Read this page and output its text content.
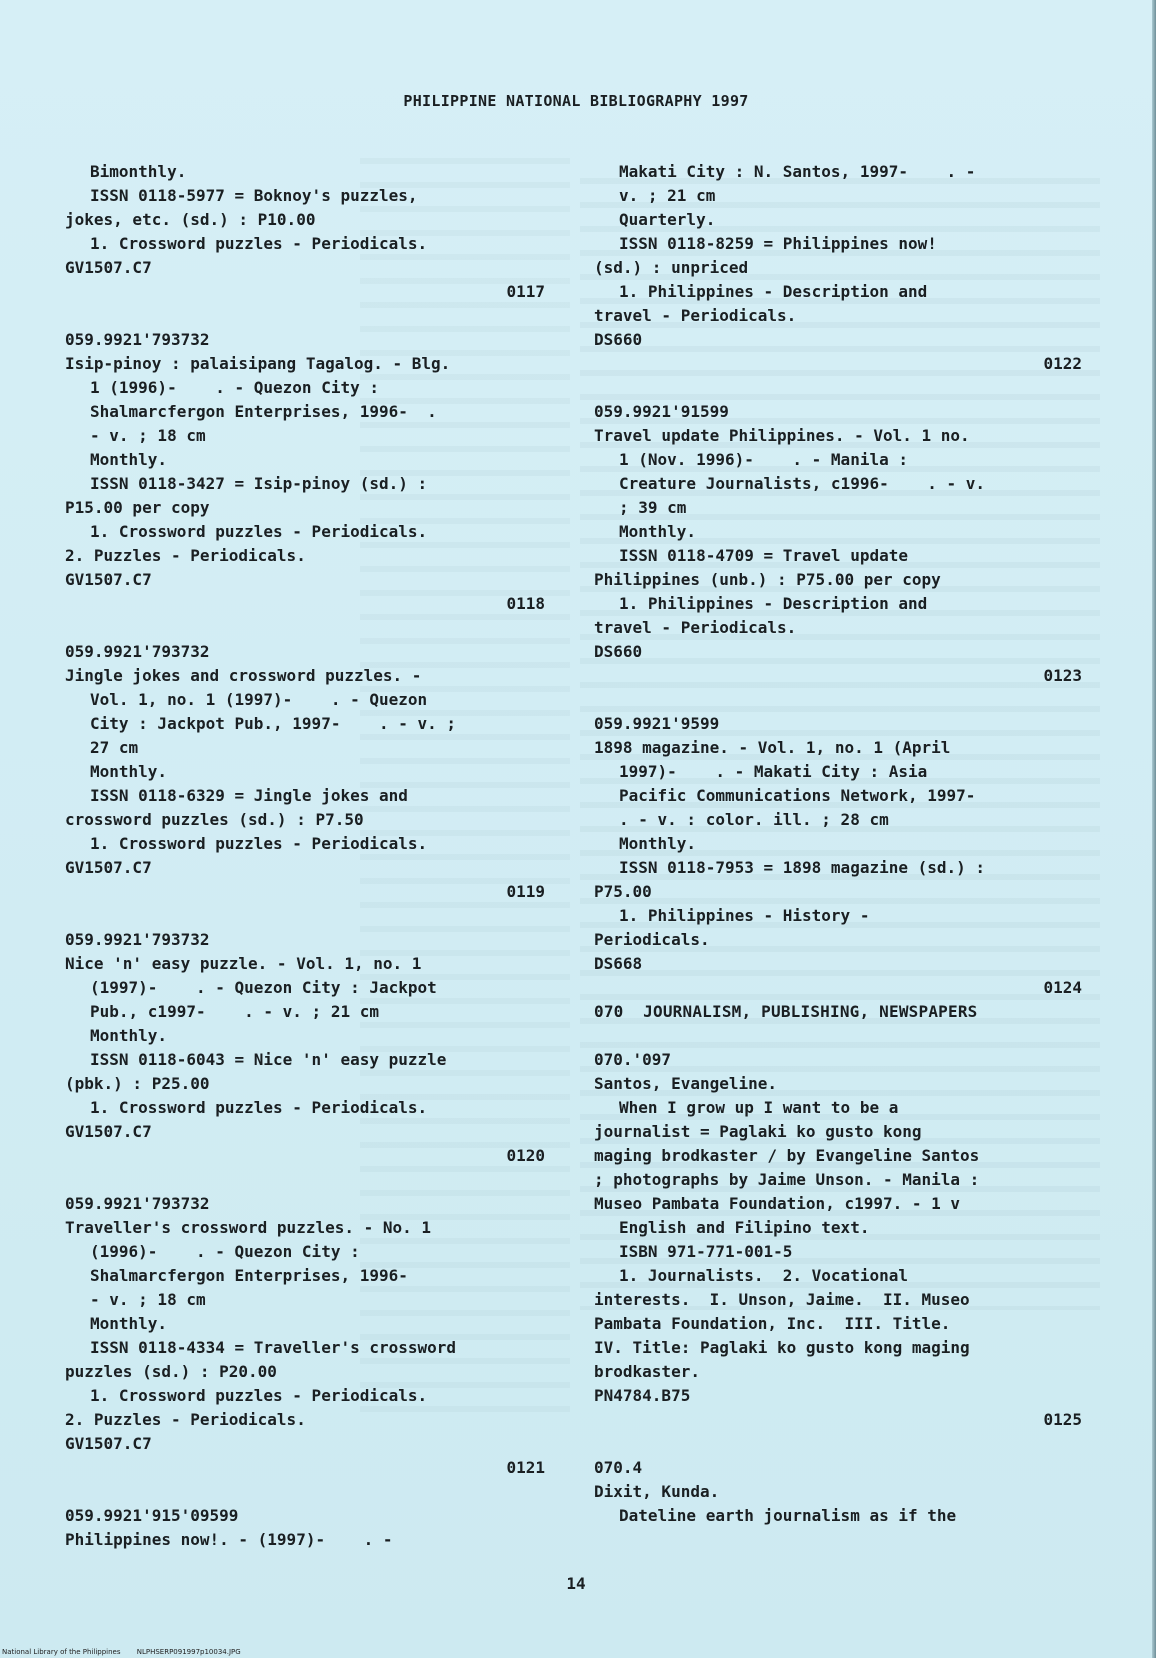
PHILIPPINE NATIONAL BIBLIOGRAPHY 1997
Bimonthly.
ISSN 0118-5977 = Boknoy's puzzles,
jokes, etc. (sd.) : P10.00
1. Crossword puzzles - Periodicals.
GV1507.C7
0117
059.9921'793732
Isip-pinoy : palaisipang Tagalog. - Blg.
1 (1996)-    . - Quezon City :
Shalmarcfergon Enterprises, 1996-  .
- v. ; 18 cm
Monthly.
ISSN 0118-3427 = Isip-pinoy (sd.) :
P15.00 per copy
1. Crossword puzzles - Periodicals.
2. Puzzles - Periodicals.
GV1507.C7
0118
059.9921'793732
Jingle jokes and crossword puzzles. -
Vol. 1, no. 1 (1997)-    . - Quezon
City : Jackpot Pub., 1997-    . - v. ;
27 cm
Monthly.
ISSN 0118-6329 = Jingle jokes and
crossword puzzles (sd.) : P7.50
1. Crossword puzzles - Periodicals.
GV1507.C7
0119
059.9921'793732
Nice 'n' easy puzzle. - Vol. 1, no. 1
(1997)-    . - Quezon City : Jackpot
Pub., c1997-    . - v. ; 21 cm
Monthly.
ISSN 0118-6043 = Nice 'n' easy puzzle
(pbk.) : P25.00
1. Crossword puzzles - Periodicals.
GV1507.C7
0120
059.9921'793732
Traveller's crossword puzzles. - No. 1
(1996)-    . - Quezon City :
Shalmarcfergon Enterprises, 1996-
- v. ; 18 cm
Monthly.
ISSN 0118-4334 = Traveller's crossword
puzzles (sd.) : P20.00
1. Crossword puzzles - Periodicals.
2. Puzzles - Periodicals.
GV1507.C7
0121
059.9921'915'09599
Philippines now!. - (1997)-    . -
Makati City : N. Santos, 1997-    . -
v. ; 21 cm
Quarterly.
ISSN 0118-8259 = Philippines now!
(sd.) : unpriced
1. Philippines - Description and
travel - Periodicals.
DS660
0122
059.9921'91599
Travel update Philippines. - Vol. 1 no.
1 (Nov. 1996)-    . - Manila :
Creature Journalists, c1996-    . - v.
; 39 cm
Monthly.
ISSN 0118-4709 = Travel update
Philippines (unb.) : P75.00 per copy
1. Philippines - Description and
travel - Periodicals.
DS660
0123
059.9921'9599
1898 magazine. - Vol. 1, no. 1 (April
1997)-    . - Makati City : Asia
Pacific Communications Network, 1997-
. - v. : color. ill. ; 28 cm
Monthly.
ISSN 0118-7953 = 1898 magazine (sd.) :
P75.00
1. Philippines - History -
Periodicals.
DS668
0124
070  JOURNALISM, PUBLISHING, NEWSPAPERS
070.'097
Santos, Evangeline.
When I grow up I want to be a
journalist = Paglaki ko gusto kong
maging brodkaster / by Evangeline Santos
; photographs by Jaime Unson. - Manila :
Museo Pambata Foundation, c1997. - 1 v
English and Filipino text.
ISBN 971-771-001-5
1. Journalists.  2. Vocational
interests.  I. Unson, Jaime.  II. Museo
Pambata Foundation, Inc.  III. Title.
IV. Title: Paglaki ko gusto kong maging
brodkaster.
PN4784.B75
0125
070.4
Dixit, Kunda.
Dateline earth journalism as if the
14
National Library of the Philippines NLPHSERP091997p10034.JPG
